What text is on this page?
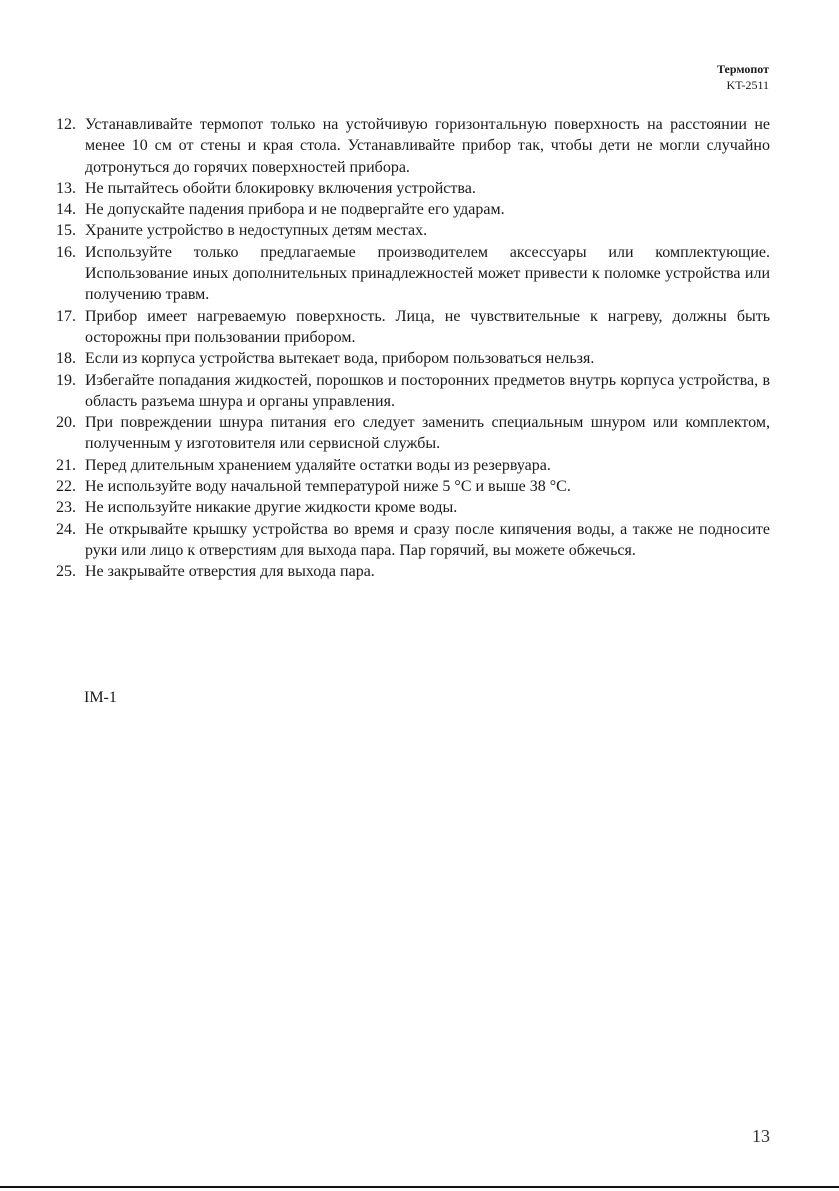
Термопот
KT-2511
12. Устанавливайте термопот только на устойчивую горизонтальную поверхность на расстоянии не менее 10 см от стены и края стола. Устанавливайте прибор так, чтобы дети не могли случайно дотронуться до горячих поверхностей прибора.
13. Не пытайтесь обойти блокировку включения устройства.
14. Не допускайте падения прибора и не подвергайте его ударам.
15. Храните устройство в недоступных детям местах.
16. Используйте только предлагаемые производителем аксессуары или комплектующие. Использование иных дополнительных принадлежностей может привести к поломке устройства или получению травм.
17. Прибор имеет нагреваемую поверхность. Лица, не чувствительные к нагреву, должны быть осторожны при пользовании прибором.
18. Если из корпуса устройства вытекает вода, прибором пользоваться нельзя.
19. Избегайте попадания жидкостей, порошков и посторонних предметов внутрь корпуса устройства, в область разъема шнура и органы управления.
20. При повреждении шнура питания его следует заменить специальным шнуром или комплектом, полученным у изготовителя или сервисной службы.
21. Перед длительным хранением удаляйте остатки воды из резервуара.
22. Не используйте воду начальной температурой ниже 5 °C и выше 38 °C.
23. Не используйте никакие другие жидкости кроме воды.
24. Не открывайте крышку устройства во время и сразу после кипячения воды, а также не подносите руки или лицо к отверстиям для выхода пара. Пар горячий, вы можете обжечься.
25. Не закрывайте отверстия для выхода пара.
IM-1
13
